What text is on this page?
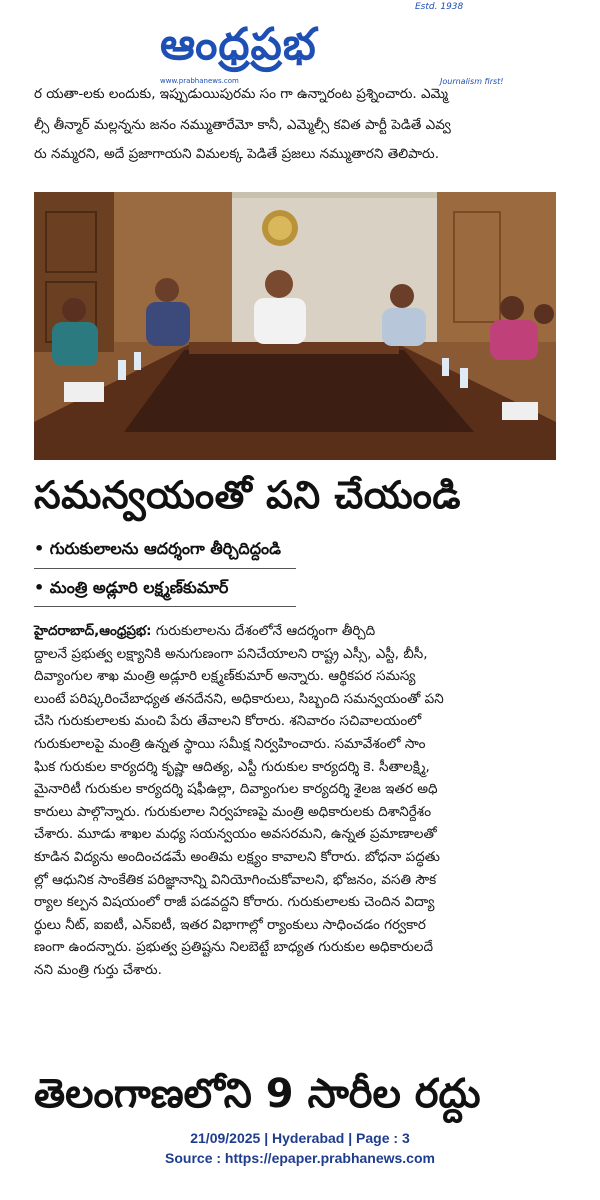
ఆంధ్రప్రభ
Estd. 1938
www.prabhanews.com	Journalism first!
ర యతా-లకు లందుకు, ఇప్పుడుయిపురమ సం గా ఉన్నారంట ప్రశ్నించారు. ఎమ్మె
ల్సీ తీన్మార్ మల్లన్నను జనం నమ్ముతారేమో కానీ, ఎమ్మెల్సీ కవిత పార్టీ పెడితే ఎవ్వ
రు నమ్మరని, అదే ప్రజాగాయని విమలక్క పెడితే ప్రజలు నమ్ముతారని తెలిపారు.
సమన్వయంతో పని చేయండి
• గురుకులాలను ఆదర్శంగా తీర్చిదిద్దండి
• మంత్రి అడ్లూరి లక్ష్మణ్‌కుమార్
హైదరాబాద్,ఆంధ్రప్రభ: గురుకులాలను దేశంలోనే ఆదర్శంగా తీర్చిది
ద్దాలనే ప్రభుత్వ లక్ష్యానికి అనుగుణంగా పనిచేయాలని రాష్ట్ర ఎస్సీ, ఎస్టీ, బీసీ,
దివ్యాంగుల శాఖ మంత్రి అడ్లూరి లక్ష్మణ్‌కుమార్ అన్నారు. ఆర్థికపర సమస్య
లుంటే పరిష్కరించేబాధ్యత తనదేనని, అధికారులు, సిబ్బంది సమన్వయంతో పని
చేసి గురుకులాలకు మంచి పేరు తేవాలని కోరారు. శనివారం సచివాలయంలో
గురుకులాలపై మంత్రి ఉన్నత స్థాయి సమీక్ష నిర్వహించారు. సమావేశంలో సాం
ఘిక గురుకుల కార్యదర్శి కృష్ణా ఆదిత్య, ఎస్టీ గురుకుల కార్యదర్శి కె. సీతాలక్ష్మి,
మైనారిటీ గురుకుల కార్యదర్శి షఫీఉల్లా, దివ్యాంగుల కార్యదర్శి శైలజ ఇతర అధి
కారులు పాల్గొన్నారు. గురుకులాల నిర్వహణపై మంత్రి అధికారులకు దిశానిర్దేశం
చేశారు. మూడు శాఖల మధ్య సయన్వయం అవసరమని, ఉన్నత ప్రమాణాలతో
కూడిన విద్యను అందించడమే అంతిమ లక్ష్యం కావాలని కోరారు. బోధనా పద్ధతు
ల్లో ఆధునిక సాంకేతిక పరిజ్ఞానాన్ని వినియోగించుకోవాలని, భోజనం, వసతి సౌక
ర్యాల కల్పన విషయంలో రాజీ పడవద్దని కోరారు. గురుకులాలకు చెందిన విద్యా
ర్థులు నీట్, ఐఐటీ, ఎన్ఐటీ, ఇతర విభాగాల్లో ర్యాంకులు సాధించడం గర్వకార
ణంగా ఉందన్నారు. ప్రభుత్వ ప్రతిష్టను నిలబెట్టే బాధ్యత గురుకుల అధికారులదే
నని మంత్రి గుర్తు చేశారు.
తెలంగాణలోని 9 సారీల రద్దు
21/09/2025 | Hyderabad | Page : 3
Source : https://epaper.prabhanews.com
